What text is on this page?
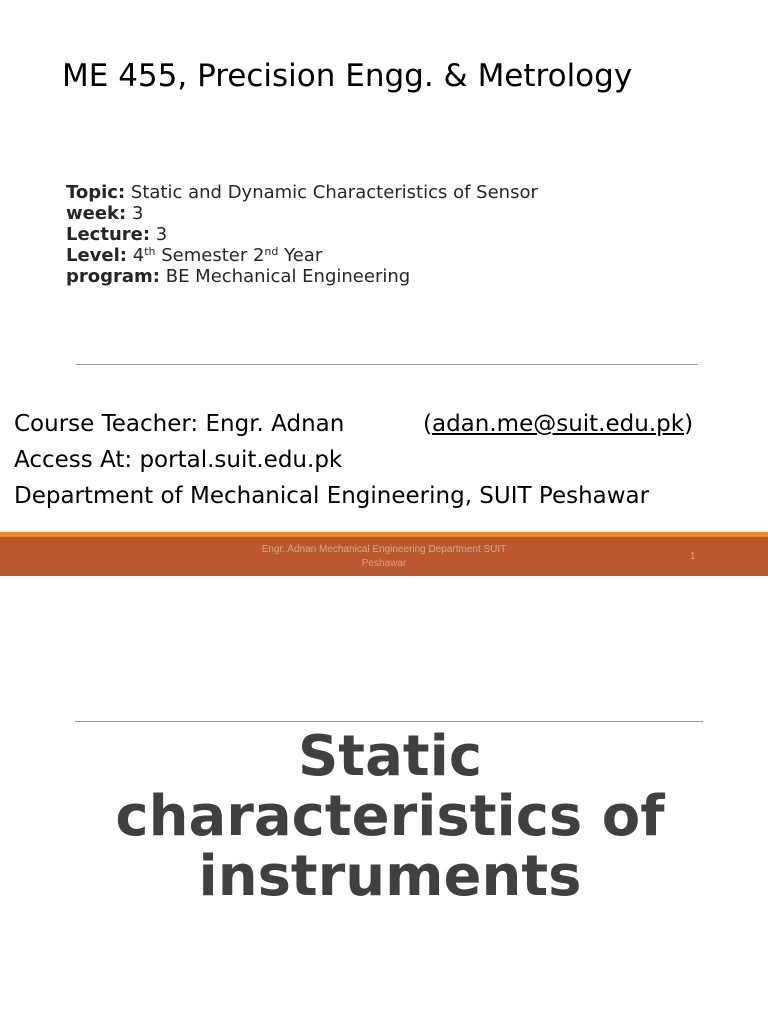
ME 455, Precision Engg. & Metrology
Topic: Static and Dynamic Characteristics of Sensor
week: 3
Lecture: 3
Level: 4th Semester 2nd Year
program: BE Mechanical Engineering
Course Teacher: Engr. Adnan	(adan.me@suit.edu.pk)
Access At: portal.suit.edu.pk
Department of Mechanical Engineering, SUIT Peshawar
Engr. Adnan Mechanical Engineering Department SUIT Peshawar
1
Static characteristics of instruments
